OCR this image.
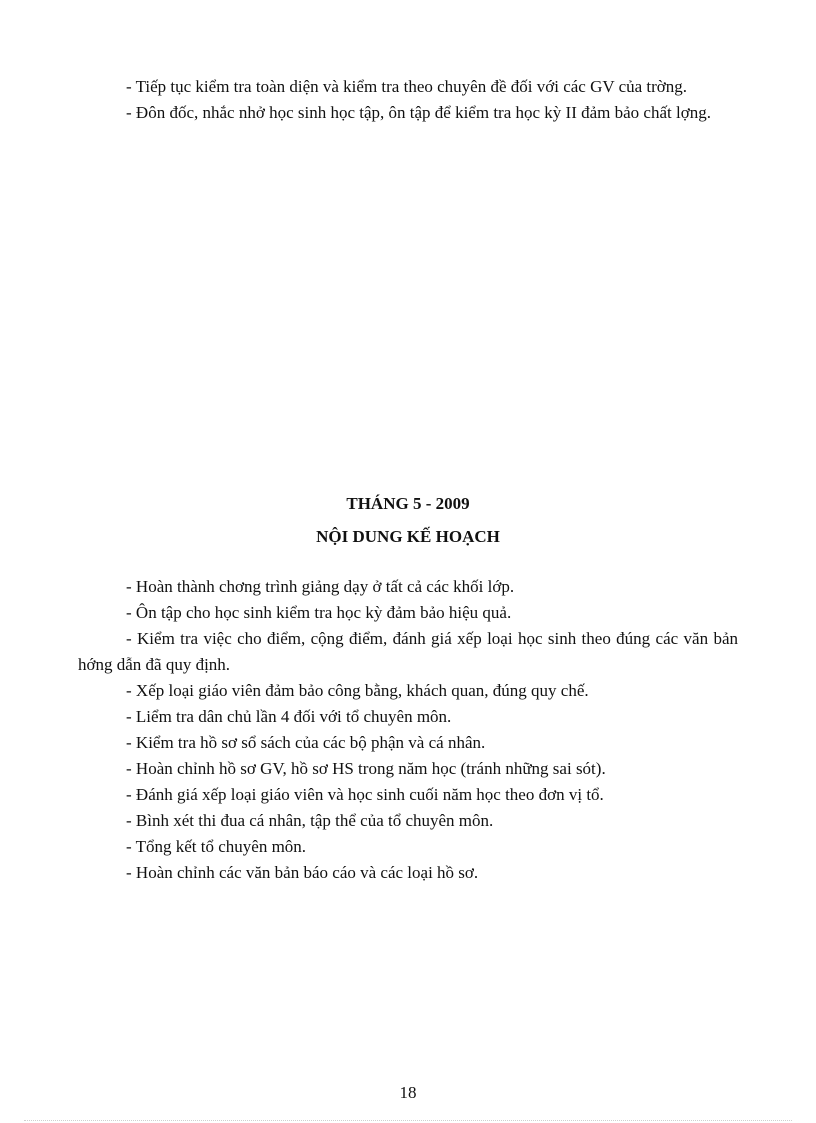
- Tiếp tục kiểm tra toàn diện và kiểm tra theo chuyên đề đối với các GV của trờng.

- Đôn đốc, nhắc nhở học sinh học tập, ôn tập để kiểm tra học kỳ II đảm bảo chất lợng.

THÁNG 5 - 2009
NỘI DUNG KẾ HOẠCH

- Hoàn thành chơng trình giảng dạy ở tất cả các khối lớp.

- Ôn tập cho học sinh kiểm tra học kỳ đảm bảo hiệu quả.

- Kiểm tra việc cho điểm, cộng điểm, đánh giá xếp loại học sinh theo đúng các văn bản hớng dẫn đã quy định.

- Xếp loại giáo viên đảm bảo công bằng, khách quan, đúng quy chế.

- Liểm tra dân chủ lần 4 đối với tổ chuyên môn.

- Kiểm tra hồ sơ sổ sách của các bộ phận và cá nhân.

- Hoàn chỉnh hồ sơ GV, hồ sơ HS trong năm học (tránh những sai sót).

- Đánh giá xếp loại giáo viên và học sinh cuối năm học theo đơn vị tổ.

- Bình xét thi đua cá nhân, tập thể của tổ chuyên môn.

- Tổng kết tổ chuyên môn.

- Hoàn chỉnh các văn bản báo cáo và các loại hồ sơ.

18
